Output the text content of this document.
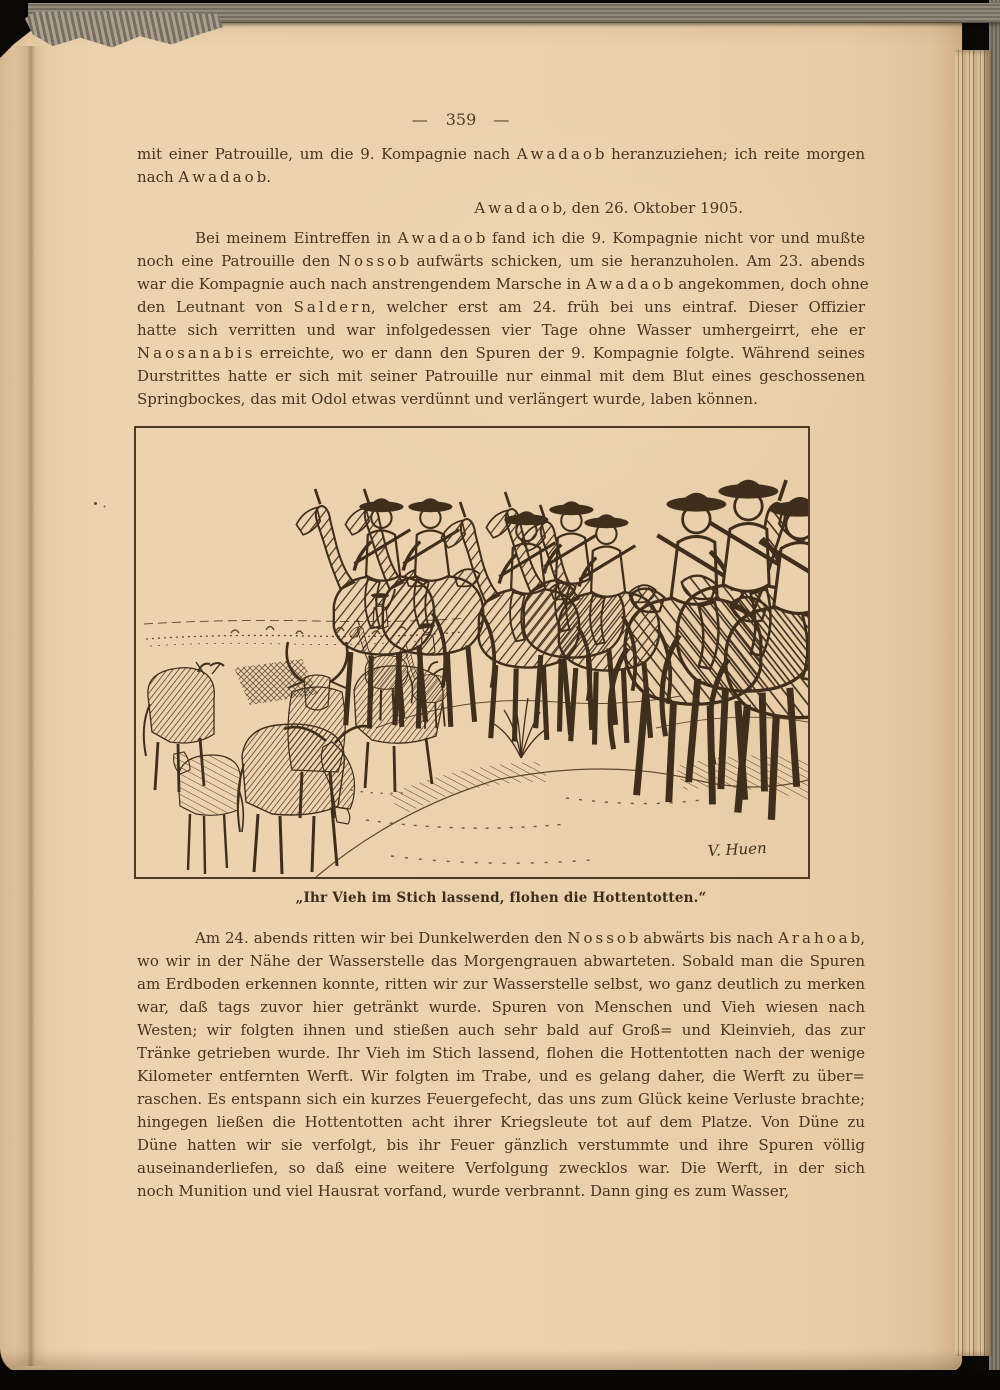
— 359 —
mit einer Patrouille, um die 9. Kompagnie nach A w a d a o b heranzuziehen; ich reite morgen
nach A w a d a o b.
A w a d a o b, den 26. Oktober 1905.
Bei meinem Eintreffen in A w a d a o b fand ich die 9. Kompagnie nicht vor und mußte
noch eine Patrouille den N o s s o b aufwärts schicken, um sie heranzuholen. Am 23. abends
war die Kompagnie auch nach anstrengendem Marsche in A w a d a o b angekommen, doch ohne
den Leutnant von S a l d e r n, welcher erst am 24. früh bei uns eintraf. Dieser Offizier
hatte sich verritten und war infolgedessen vier Tage ohne Wasser umhergeirrt, ehe er
N a o s a n a b i s erreichte, wo er dann den Spuren der 9. Kompagnie folgte. Während seines
Durstrittes hatte er sich mit seiner Patrouille nur einmal mit dem Blut eines geschossenen
Springbockes, das mit Odol etwas verdünnt und verlängert wurde, laben können.
V. Huen
„Ihr Vieh im Stich lassend, flohen die Hottentotten.“
Am 24. abends ritten wir bei Dunkelwerden den N o s s o b abwärts bis nach A r a h o a b,
wo wir in der Nähe der Wasserstelle das Morgengrauen abwarteten. Sobald man die Spuren
am Erdboden erkennen konnte, ritten wir zur Wasserstelle selbst, wo ganz deutlich zu merken
war, daß tags zuvor hier getränkt wurde. Spuren von Menschen und Vieh wiesen nach
Westen; wir folgten ihnen und stießen auch sehr bald auf Groß= und Kleinvieh, das zur
Tränke getrieben wurde. Ihr Vieh im Stich lassend, flohen die Hottentotten nach der wenige
Kilometer entfernten Werft. Wir folgten im Trabe, und es gelang daher, die Werft zu über=
raschen. Es entspann sich ein kurzes Feuergefecht, das uns zum Glück keine Verluste brachte;
hingegen ließen die Hottentotten acht ihrer Kriegsleute tot auf dem Platze. Von Düne zu
Düne hatten wir sie verfolgt, bis ihr Feuer gänzlich verstummte und ihre Spuren völlig
auseinanderliefen, so daß eine weitere Verfolgung zwecklos war. Die Werft, in der sich
noch Munition und viel Hausrat vorfand, wurde verbrannt. Dann ging es zum Wasser,
